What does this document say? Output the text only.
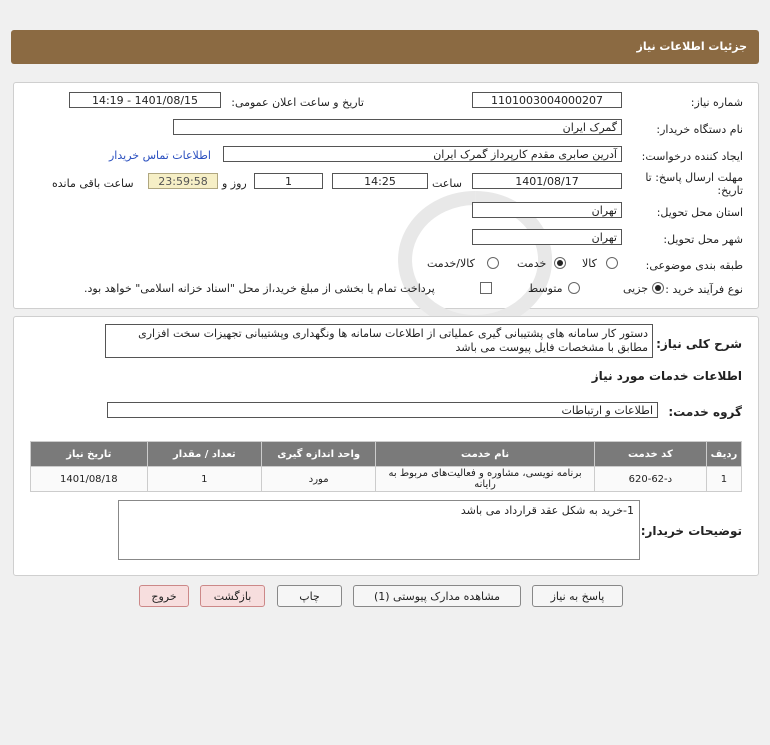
جزئیات اطلاعات نیاز
شماره نیاز:
1101003004000207
تاریخ و ساعت اعلان عمومی:
1401/08/15 - 14:19
نام دستگاه خریدار:
گمرک ایران
ایجاد کننده درخواست:
آدرین صابری مقدم کارپرداز گمرک ایران
اطلاعات تماس خریدار
مهلت ارسال پاسخ: تا
تاریخ:
1401/08/17
ساعت
14:25
1
روز و
23:59:58
ساعت باقی مانده
استان محل تحویل:
تهران
شهر محل تحویل:
تهران
طبقه بندی موضوعی:
کالا
خدمت
کالا/خدمت
نوع فرآیند خرید :
جزیی
متوسط
پرداخت تمام یا بخشی از مبلغ خرید،از محل "اسناد خزانه اسلامی" خواهد بود.
شرح کلی نیاز:
دستور کار سامانه های پشتیبانی گیری عملیاتی از اطلاعات سامانه ها ونگهداری وپشتیبانی تجهیزات سخت افزاری مطابق با مشخصات فایل پیوست می باشد
اطلاعات خدمات مورد نیاز
گروه خدمت:
اطلاعات و ارتباطات
ردیف	کد خدمت	نام خدمت	واحد اندازه گیری	تعداد / مقدار	تاریخ نیاز
1	د-62-620	برنامه نویسی، مشاوره و فعالیت‌های مربوط به رایانه	مورد	1	1401/08/18
توضیحات خریدار:
1-خرید به شکل عقد قرارداد می باشد
پاسخ به نیاز
مشاهده مدارک پیوستی (1)
چاپ
بازگشت
خروج
